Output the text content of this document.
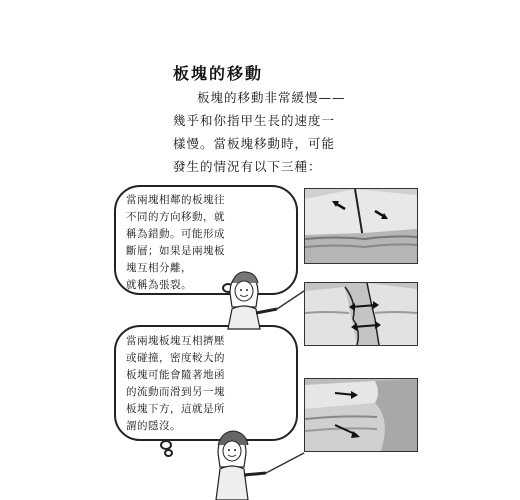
板塊的移動

板塊的移動非常緩慢——

幾乎和你指甲生長的速度一

樣慢。當板塊移動時，可能

發生的情況有以下三種：

當兩塊相鄰的板塊往

不同的方向移動，就

稱為錯動。可能形成

斷層；如果是兩塊板

塊互相分離，

就稱為張裂。

當兩塊板塊互相擠壓

或碰撞，密度較大的

板塊可能會隨著地函

的流動而滑到另一塊

板塊下方，這就是所

謂的隱沒。
